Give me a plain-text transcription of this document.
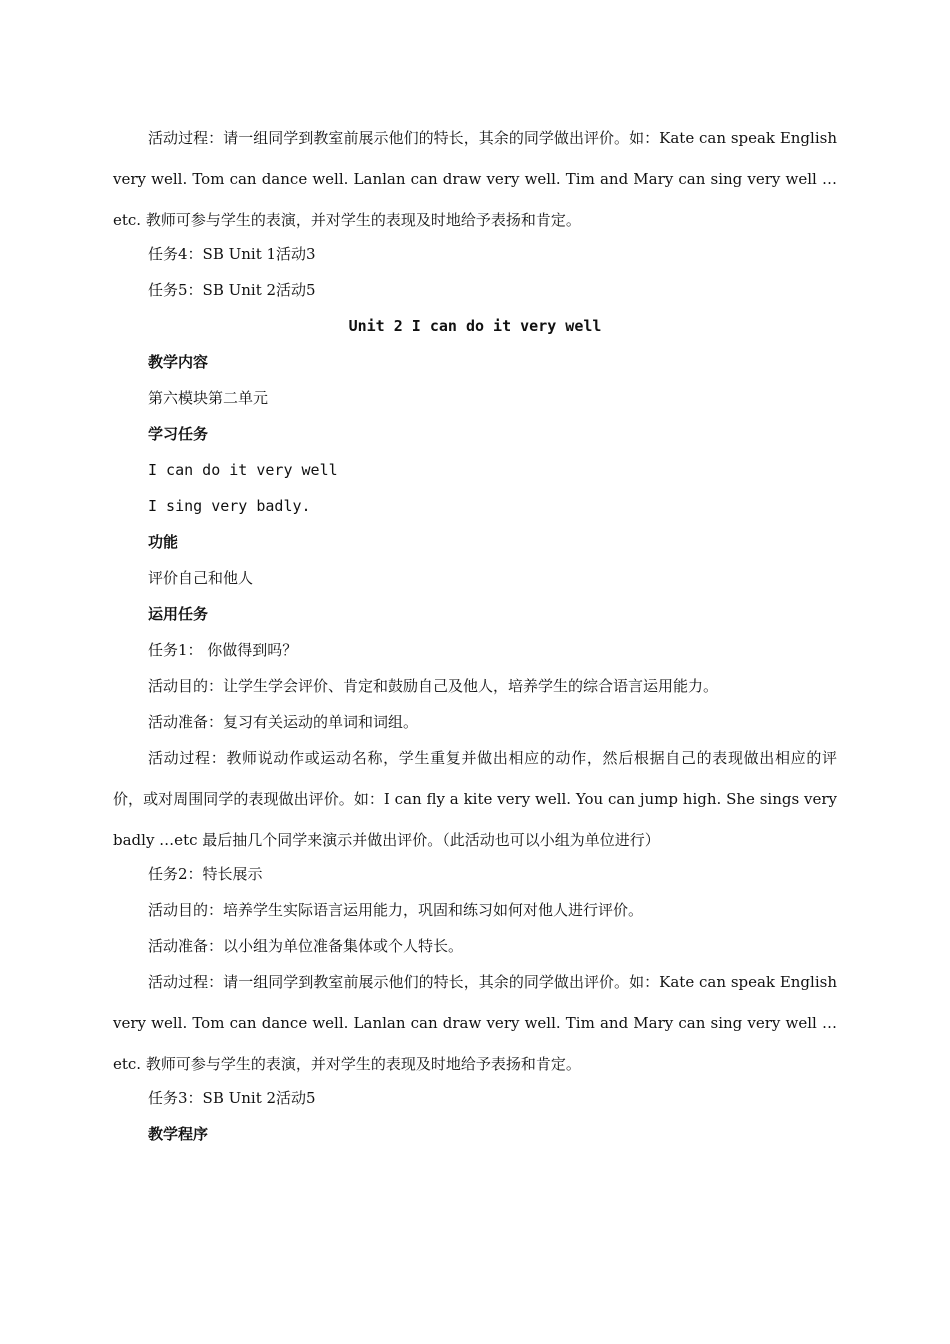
活动过程：请一组同学到教室前展示他们的特长，其余的同学做出评价。如：Kate can speak English very well. Tom can dance well. Lanlan can draw very well. Tim and Mary can sing very well … etc. 教师可参与学生的表演，并对学生的表现及时地给予表扬和肯定。

任务4：SB Unit 1活动3

任务5：SB Unit 2活动5

Unit 2 I can do it very well

教学内容

第六模块第二单元

学习任务

I can do it very well

I sing very badly.

功能

评价自己和他人

运用任务

任务1： 你做得到吗？

活动目的：让学生学会评价、肯定和鼓励自己及他人，培养学生的综合语言运用能力。

活动准备：复习有关运动的单词和词组。

活动过程：教师说动作或运动名称，学生重复并做出相应的动作，然后根据自己的表现做出相应的评价，或对周围同学的表现做出评价。如：I can fly a kite very well. You can jump high. She sings very badly …etc 最后抽几个同学来演示并做出评价。（此活动也可以小组为单位进行）

任务2：特长展示

活动目的：培养学生实际语言运用能力，巩固和练习如何对他人进行评价。

活动准备：以小组为单位准备集体或个人特长。

活动过程：请一组同学到教室前展示他们的特长，其余的同学做出评价。如：Kate can speak English very well. Tom can dance well. Lanlan can draw very well. Tim and Mary can sing very well … etc. 教师可参与学生的表演，并对学生的表现及时地给予表扬和肯定。

任务3：SB Unit 2活动5

教学程序
